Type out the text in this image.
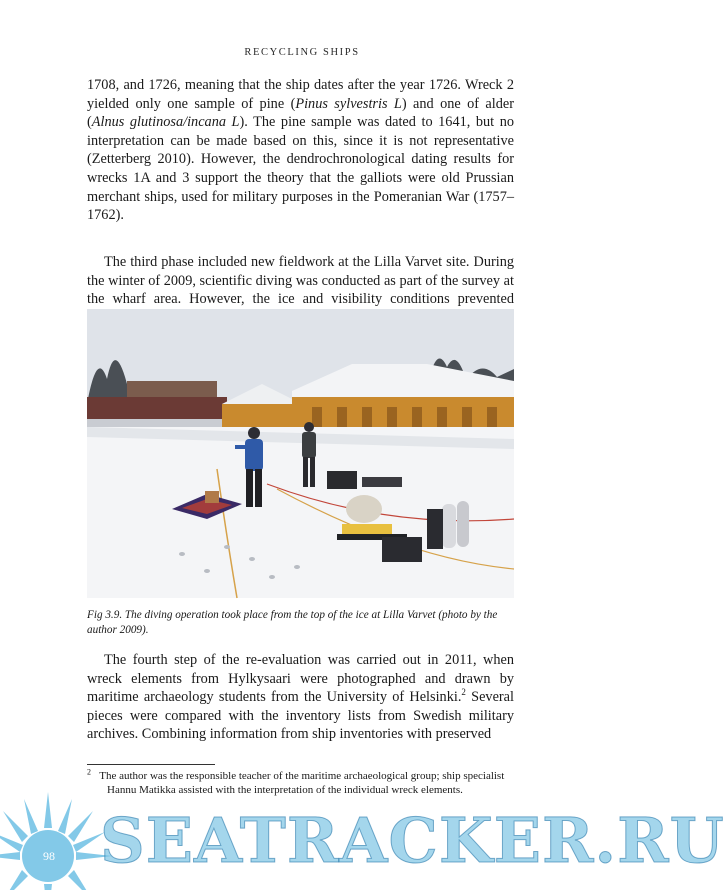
RECYCLING SHIPS

1708, and 1726, meaning that the ship dates after the year 1726. Wreck 2 yielded only one sample of pine (Pinus sylvestris L) and one of alder (Alnus glutinosa/incana L). The pine sample was dated to 1641, but no interpretation can be made based on this, since it is not representative (Zetterberg 2010). However, the dendrochronological dating results for wrecks 1A and 3 support the theory that the galliots were old Prussian merchant ships, used for military purposes in the Pomeranian War (1757–1762).

The third phase included new fieldwork at the Lilla Varvet site. During the winter of 2009, scientific diving was conducted as part of the survey at the wharf area. However, the ice and visibility conditions prevented

Fig 3.9. The diving operation took place from the top of the ice at Lilla Varvet (photo by the author 2009).

The fourth step of the re-evaluation was carried out in 2011, when wreck elements from Hylkysaari were photographed and drawn by maritime archaeology students from the University of Helsinki.$^2$ Several pieces were compared with the inventory lists from Swedish military archives. Combining information from ship inventories with preserved

$^2$ The author was the responsible teacher of the maritime archaeological group; ship specialist Hannu Matikka assisted with the interpretation of the individual wreck elements.

SEATRACKER.RU
98
